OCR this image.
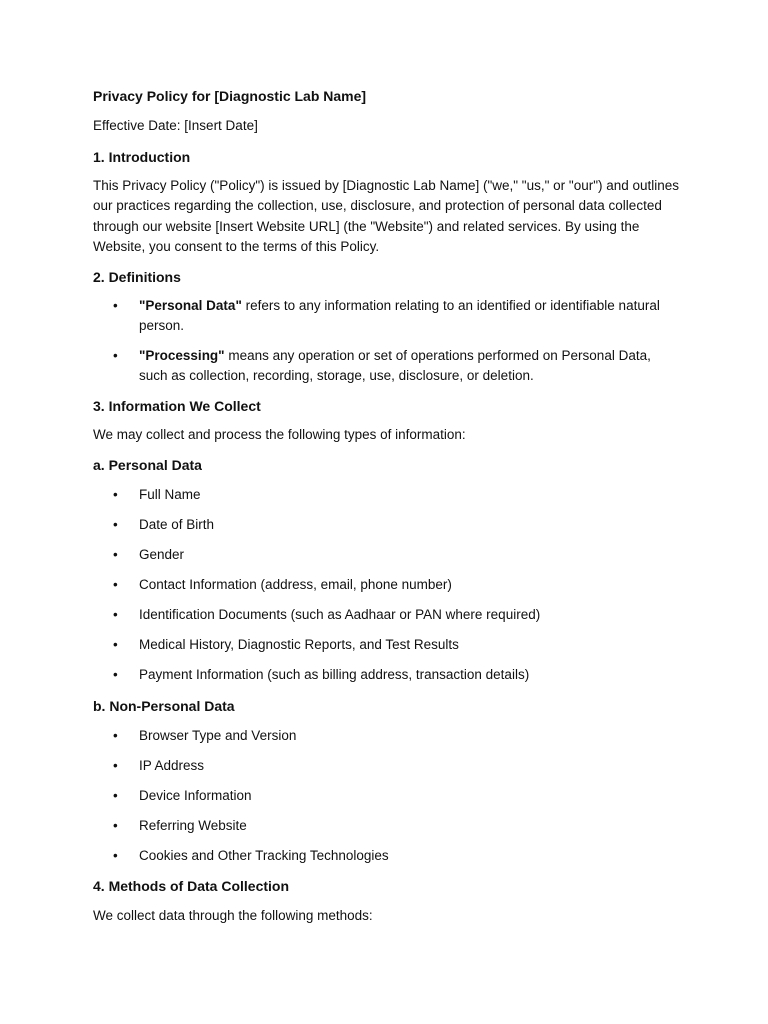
Privacy Policy for [Diagnostic Lab Name]

Effective Date: [Insert Date]

1. Introduction

This Privacy Policy ("Policy") is issued by [Diagnostic Lab Name] ("we," "us," or "our") and outlines our practices regarding the collection, use, disclosure, and protection of personal data collected through our website [Insert Website URL] (the "Website") and related services. By using the Website, you consent to the terms of this Policy.

2. Definitions

• "Personal Data" refers to any information relating to an identified or identifiable natural person.
• "Processing" means any operation or set of operations performed on Personal Data, such as collection, recording, storage, use, disclosure, or deletion.

3. Information We Collect

We may collect and process the following types of information:

a. Personal Data

• Full Name
• Date of Birth
• Gender
• Contact Information (address, email, phone number)
• Identification Documents (such as Aadhaar or PAN where required)
• Medical History, Diagnostic Reports, and Test Results
• Payment Information (such as billing address, transaction details)

b. Non-Personal Data

• Browser Type and Version
• IP Address
• Device Information
• Referring Website
• Cookies and Other Tracking Technologies

4. Methods of Data Collection

We collect data through the following methods:
